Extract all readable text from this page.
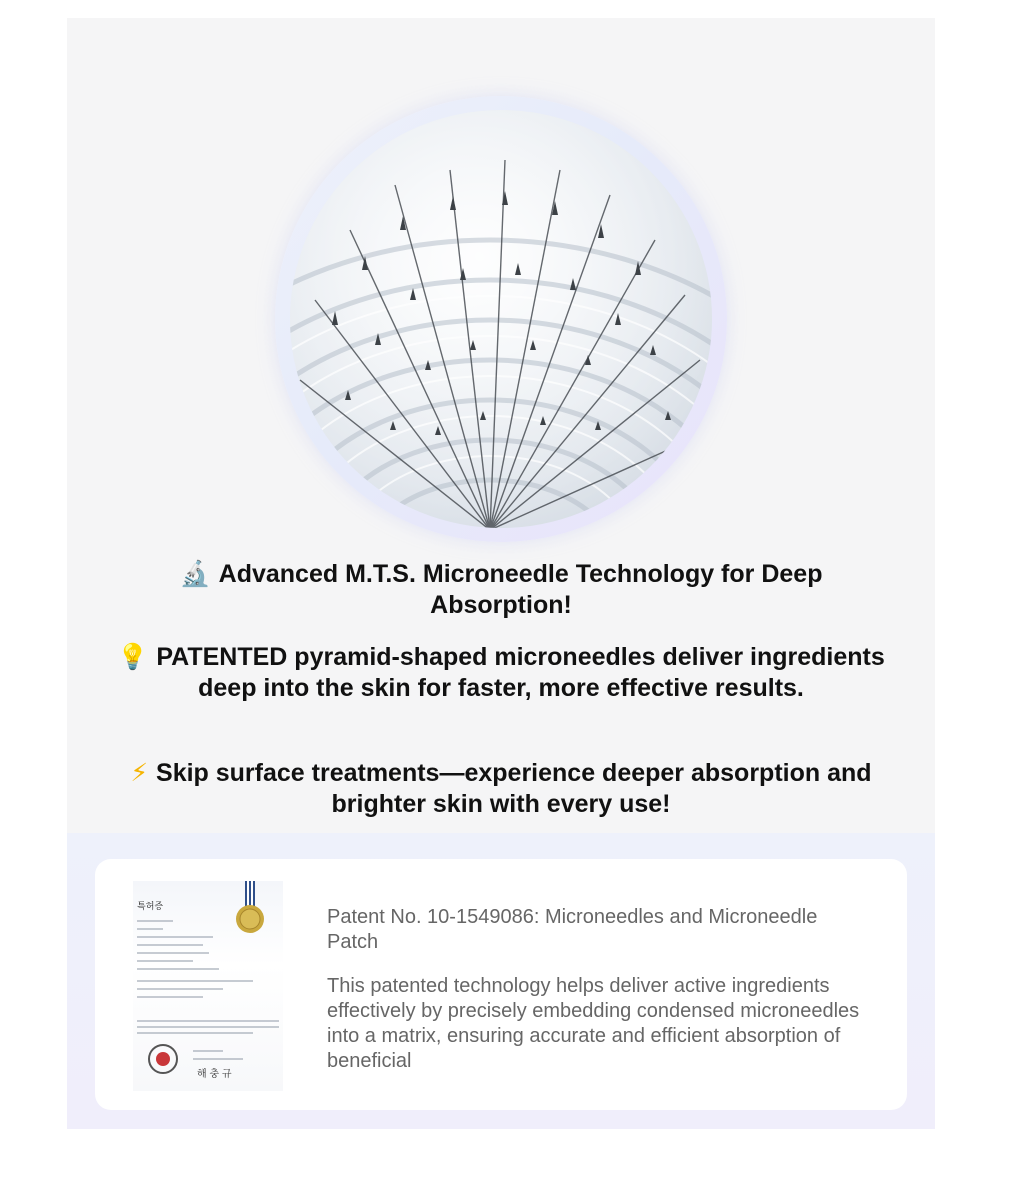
🔬 Advanced M.T.S. Microneedle Technology for Deep Absorption!

💡 PATENTED pyramid-shaped microneedles deliver ingredients deep into the skin for faster, more effective results.

⚡ Skip surface treatments—experience deeper absorption and brighter skin with every use!

특허증
해 충 규

Patent No. 10-1549086: Microneedles and Microneedle Patch

This patented technology helps deliver active ingredients effectively by precisely embedding condensed microneedles into a matrix, ensuring accurate and efficient absorption of beneficial
